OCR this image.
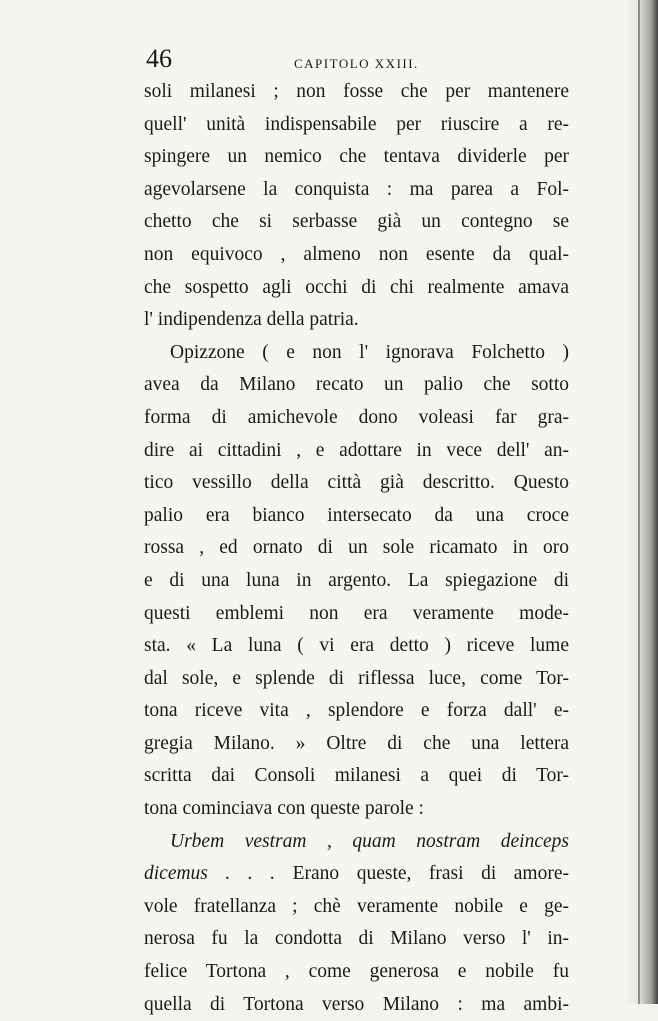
46	CAPITOLO XXIII.
soli milanesi ; non fosse che per mantenere
quell' unità indispensabile per riuscire a re-
spingere un nemico che tentava dividerle per
agevolarsene la conquista : ma parea a Fol-
chetto che si serbasse già un contegno se
non equivoco , almeno non esente da qual-
che sospetto agli occhi di chi realmente amava
l' indipendenza della patria.
Opizzone ( e non l' ignorava Folchetto )
avea da Milano recato un palio che sotto
forma di amichevole dono voleasi far gra-
dire ai cittadini , e adottare in vece dell' an-
tico vessillo della città già descritto. Questo
palio era bianco intersecato da una croce
rossa , ed ornato di un sole ricamato in oro
e di una luna in argento. La spiegazione di
questi emblemi non era veramente mode-
sta. « La luna ( vi era detto ) riceve lume
dal sole, e splende di riflessa luce, come Tor-
tona riceve vita , splendore e forza dall' e-
gregia Milano. » Oltre di che una lettera
scritta dai Consoli milanesi a quei di Tor-
tona cominciava con queste parole :
Urbem vestram , quam nostram deinceps
dicemus . . . Erano queste, frasi di amore-
vole fratellanza ; chè veramente nobile e ge-
nerosa fu la condotta di Milano verso l' in-
felice Tortona , come generosa e nobile fu
quella di Tortona verso Milano : ma ambi-
